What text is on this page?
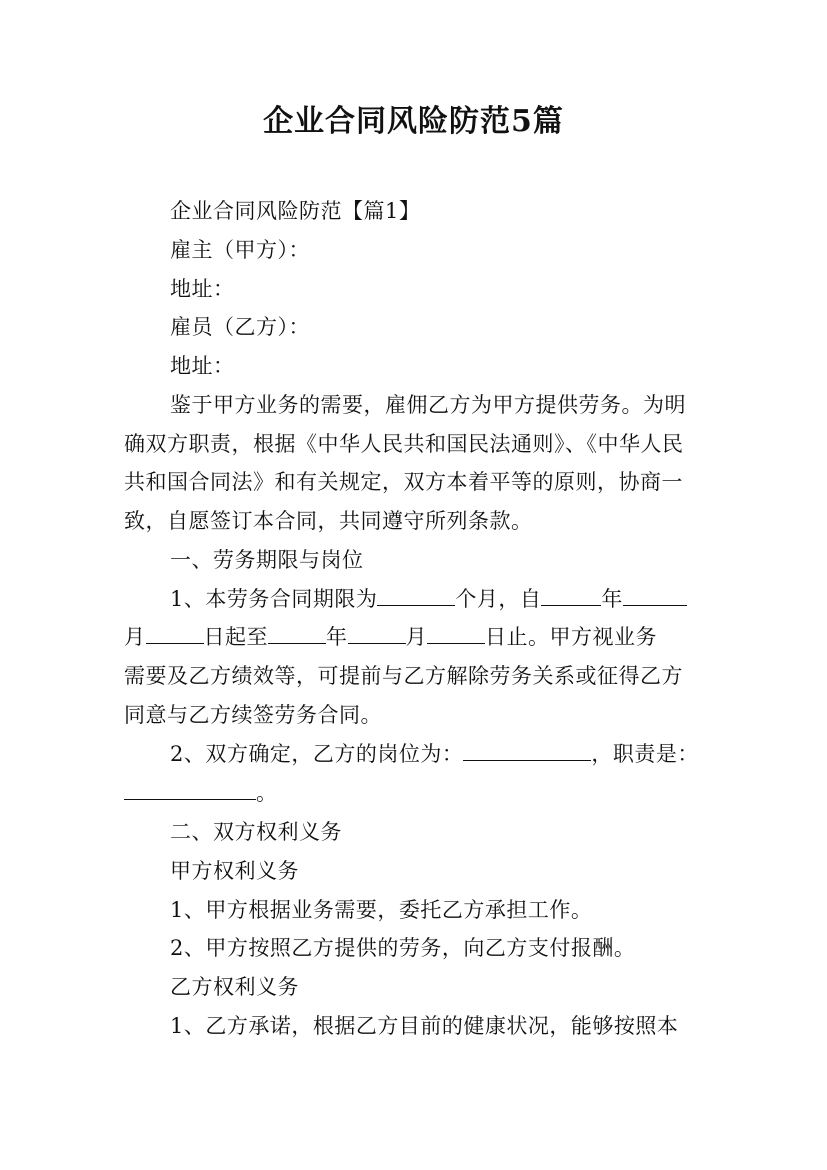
企业合同风险防范5篇
企业合同风险防范【篇1】
雇主（甲方）：
地址：
雇员（乙方）：
地址：
鉴于甲方业务的需要，雇佣乙方为甲方提供劳务。为明
确双方职责，根据《中华人民共和国民法通则》、《中华人民
共和国合同法》和有关规定，双方本着平等的原则，协商一
致，自愿签订本合同，共同遵守所列条款。
一、劳务期限与岗位
1、本劳务合同期限为	个月，自	年
月	日起至	年	月	日止。甲方视业务
需要及乙方绩效等，可提前与乙方解除劳务关系或征得乙方
同意与乙方续签劳务合同。
2、双方确定，乙方的岗位为：	，职责是：
。
二、双方权利义务
甲方权利义务
1、甲方根据业务需要，委托乙方承担工作。
2、甲方按照乙方提供的劳务，向乙方支付报酬。
乙方权利义务
1、乙方承诺，根据乙方目前的健康状况，能够按照本
